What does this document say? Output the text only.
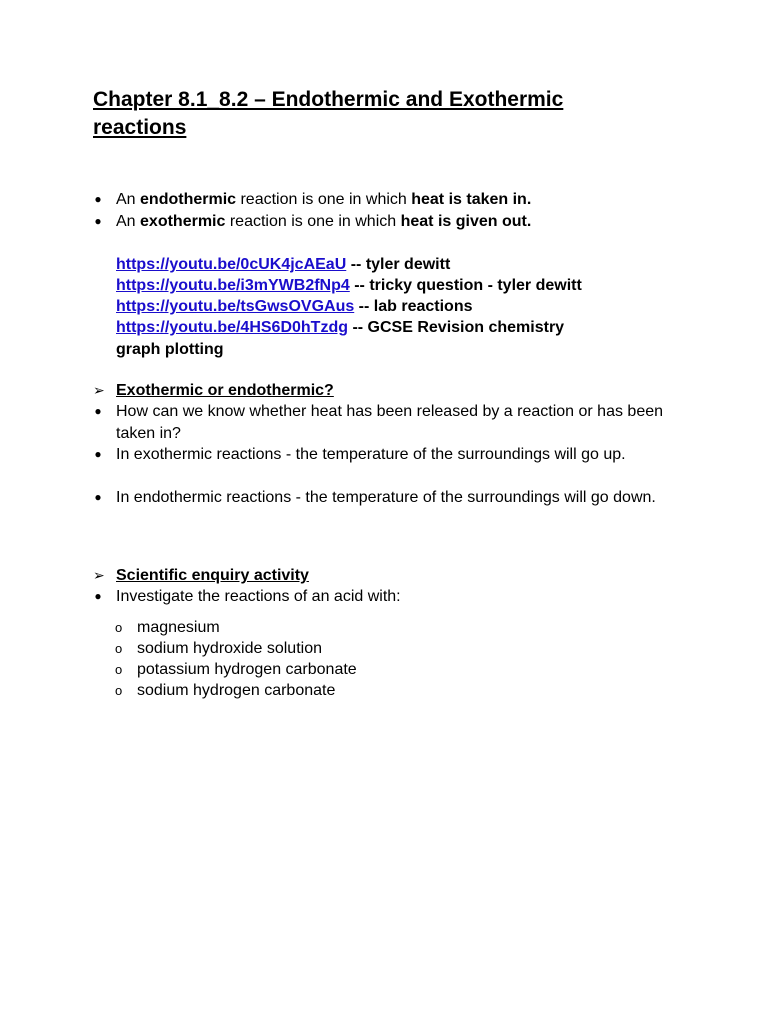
Chapter 8.1_8.2 – Endothermic and Exothermic reactions
● An endothermic reaction is one in which heat is taken in.
● An exothermic reaction is one in which heat is given out.
https://youtu.be/0cUK4jcAEaU -- tyler dewitt
https://youtu.be/i3mYWB2fNp4 -- tricky question - tyler dewitt
https://youtu.be/tsGwsOVGAus -- lab reactions
https://youtu.be/4HS6D0hTzdg -- GCSE Revision chemistry
graph plotting
➢ Exothermic or endothermic?
● How can we know whether heat has been released by a reaction or has been taken in?
● In exothermic reactions - the temperature of the surroundings will go up.
● In endothermic reactions - the temperature of the surroundings will go down.
➢ Scientific enquiry activity
● Investigate the reactions of an acid with:
o magnesium
o sodium hydroxide solution
o potassium hydrogen carbonate
o sodium hydrogen carbonate
